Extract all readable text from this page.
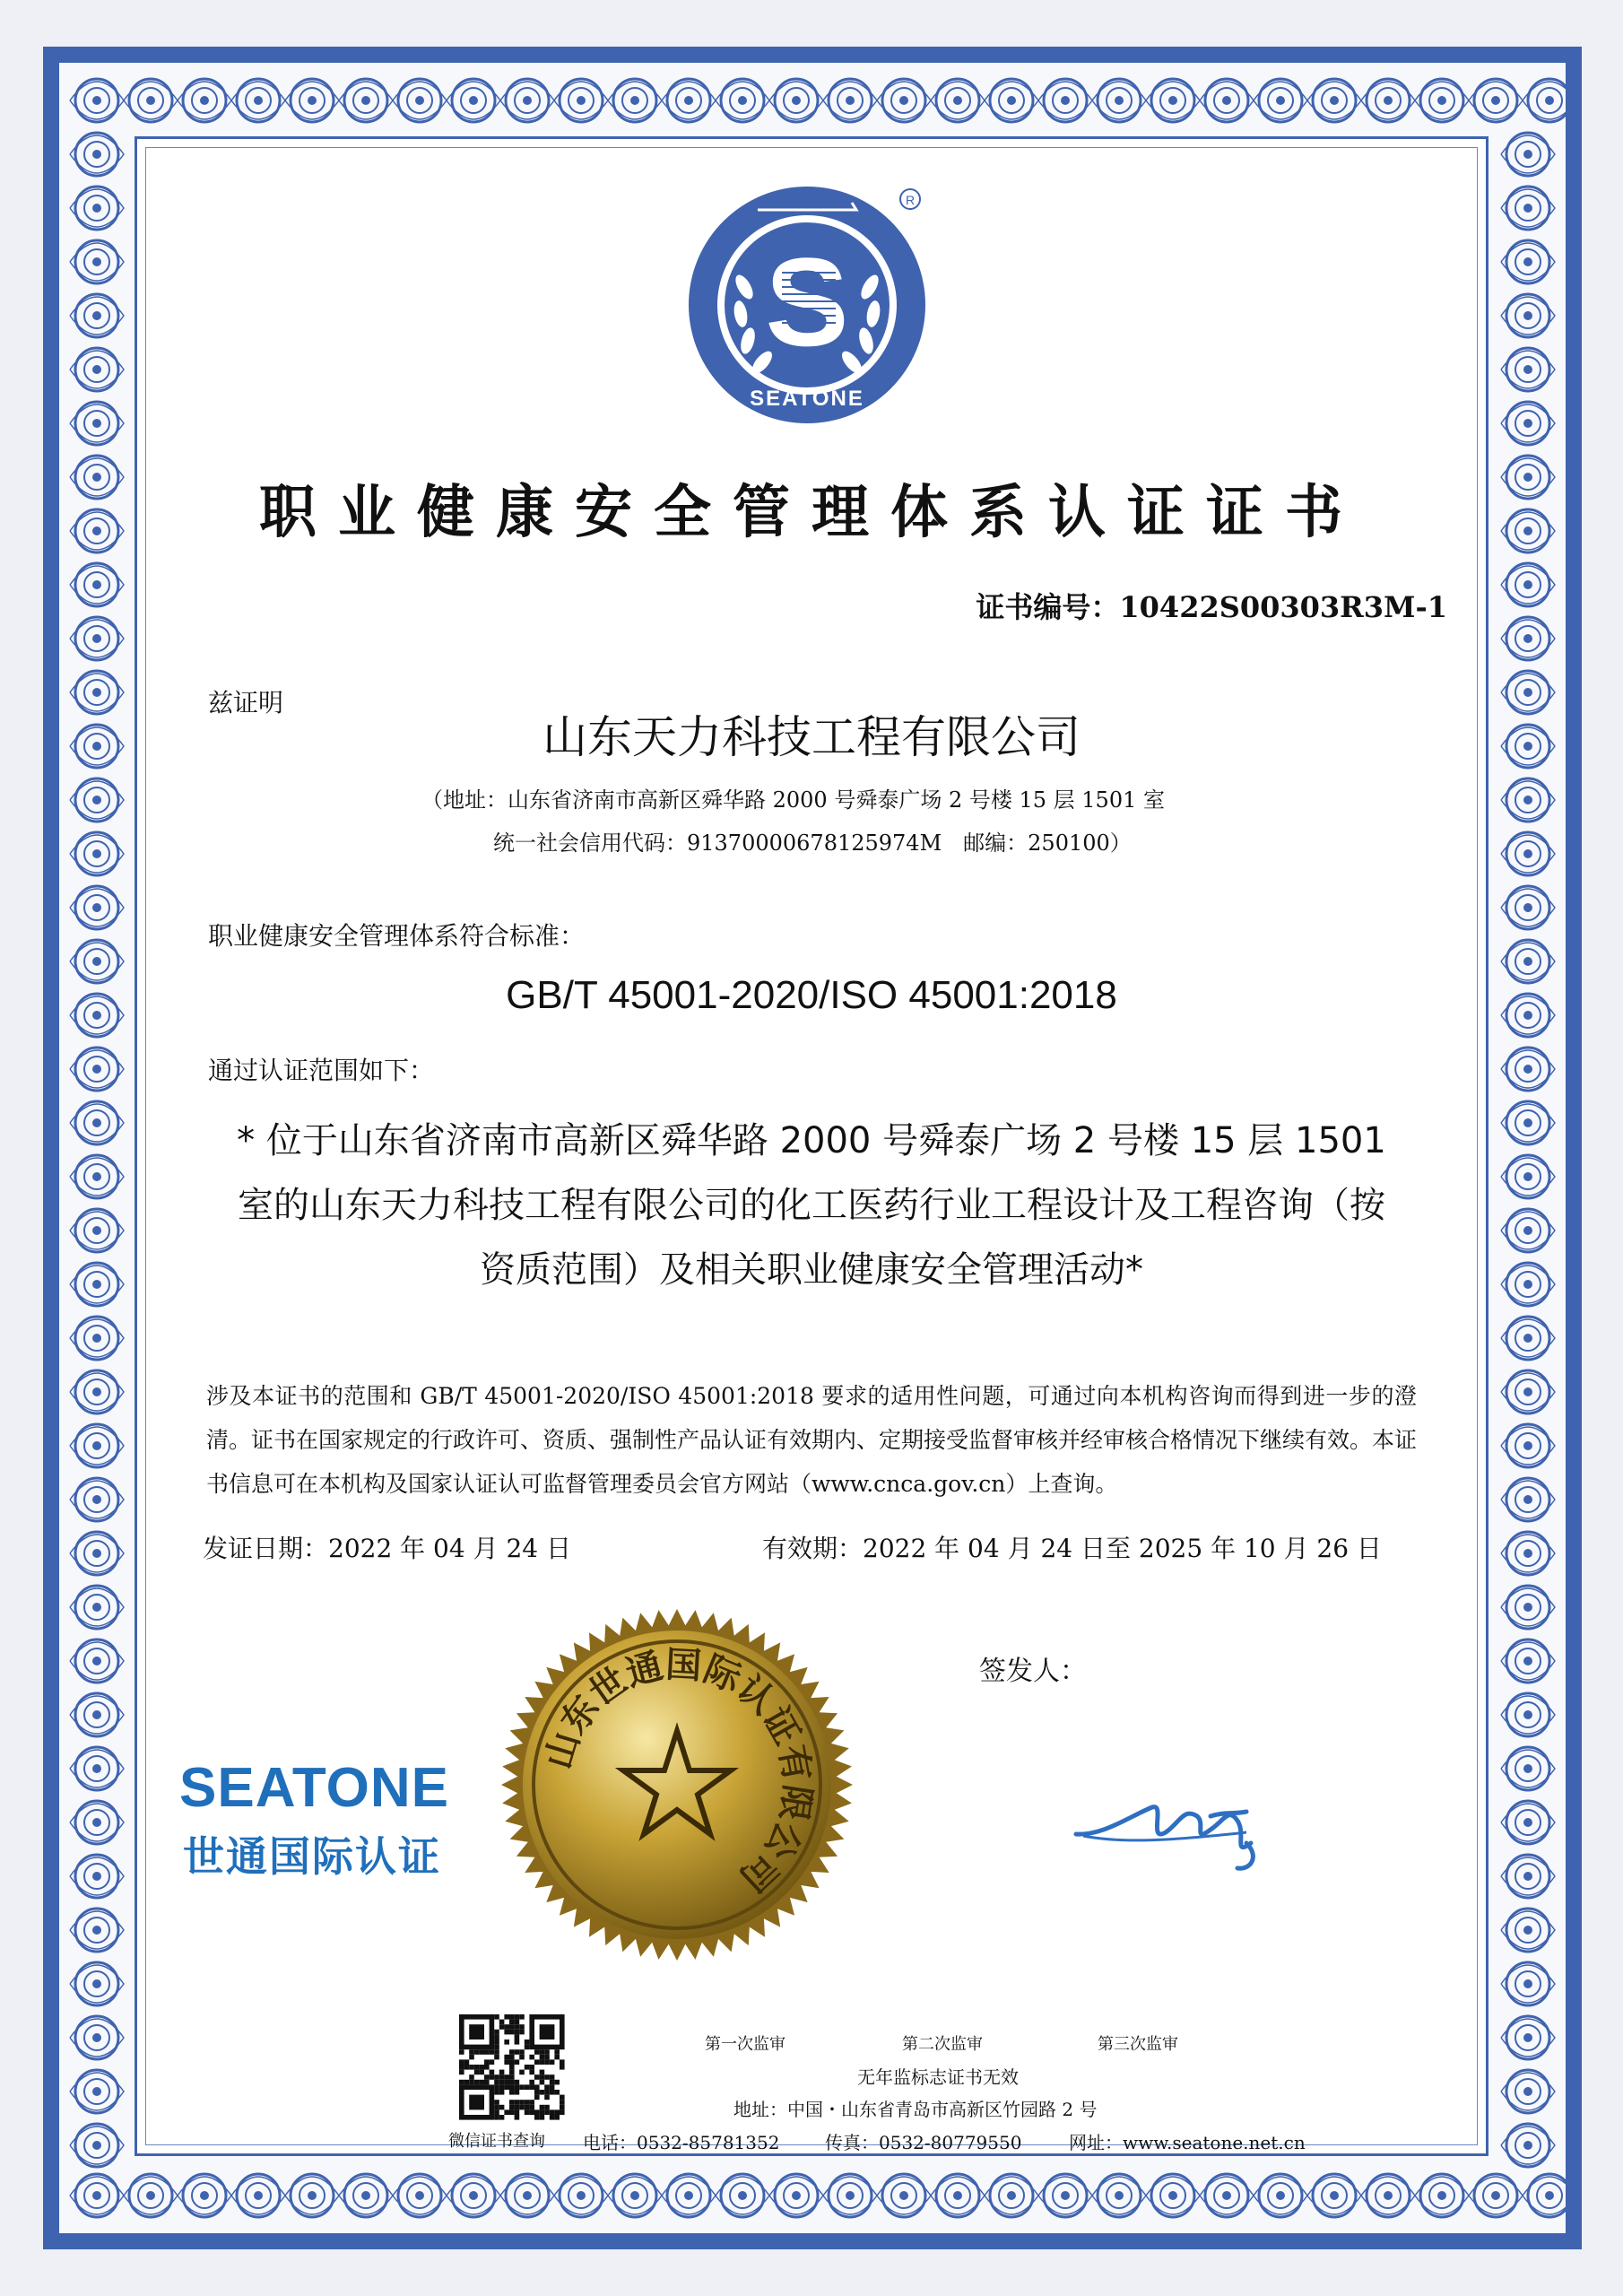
S
SEATONE
R
职业健康安全管理体系认证证书
证书编号：10422S00303R3M-1
兹证明
山东天力科技工程有限公司
（地址：山东省济南市高新区舜华路 2000 号舜泰广场 2 号楼 15 层 1501 室
统一社会信用代码：91370000678125974M　邮编：250100）
职业健康安全管理体系符合标准：
GB/T 45001-2020/ISO 45001:2018
通过认证范围如下：
* 位于山东省济南市高新区舜华路 2000 号舜泰广场 2 号楼 15 层 1501 室的山东天力科技工程有限公司的化工医药行业工程设计及工程咨询（按资质范围）及相关职业健康安全管理活动*
涉及本证书的范围和 GB/T 45001-2020/ISO 45001:2018 要求的适用性问题，可通过向本机构咨询而得到进一步的澄清。证书在国家规定的行政许可、资质、强制性产品认证有效期内、定期接受监督审核并经审核合格情况下继续有效。本证书信息可在本机构及国家认证认可监督管理委员会官方网站（www.cnca.gov.cn）上查询。
发证日期：2022 年 04 月 24 日	有效期：2022 年 04 月 24 日至 2025 年 10 月 26 日
签发人：
SEATONE
世通国际认证
山东世通国际认证有限公司
微信证书查询
第一次监审	第二次监审	第三次监审
无年监标志证书无效
地址：中国・山东省青岛市高新区竹园路 2 号
电话：0532-85781352	传真：0532-80779550	网址：www.seatone.net.cn
